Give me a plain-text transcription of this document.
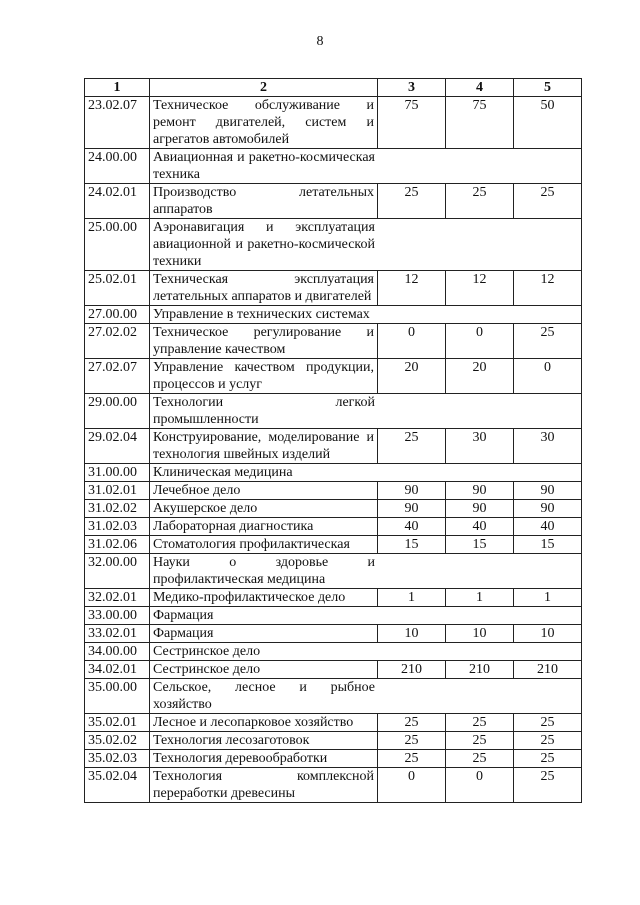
8
1	2	3	4	5
23.02.07	Техническое обслуживание и ремонт двигателей, систем и агрегатов автомобилей	75	75	50
24.00.00	Авиационная и ракетно-космическая техника			

24.02.01	Производство летательных аппаратов	25	25	25
25.00.00	Аэронавигация и эксплуатация авиационной и ракетно-космической техники			

25.02.01	Техническая эксплуатация летательных аппаратов и двигателей	12	12	12
27.00.00	Управление в технических системах			

27.02.02	Техническое регулирование и управление качеством	0	0	25
27.02.07	Управление качеством продукции, процессов и услуг	20	20	0
29.00.00	Технологии легкой промышленности			

29.02.04	Конструирование, моделирование и технология швейных изделий	25	30	30
31.00.00	Клиническая медицина			

31.02.01	Лечебное дело	90	90	90
31.02.02	Акушерское дело	90	90	90
31.02.03	Лабораторная диагностика	40	40	40
31.02.06	Стоматология профилактическая	15	15	15
32.00.00	Науки о здоровье и профилактическая медицина			

32.02.01	Медико-профилактическое дело	1	1	1
33.00.00	Фармация			

33.02.01	Фармация	10	10	10
34.00.00	Сестринское дело			

34.02.01	Сестринское дело	210	210	210
35.00.00	Сельское, лесное и рыбное хозяйство			

35.02.01	Лесное и лесопарковое хозяйство	25	25	25
35.02.02	Технология лесозаготовок	25	25	25
35.02.03	Технология деревообработки	25	25	25
35.02.04	Технология комплексной переработки древесины	0	0	25
